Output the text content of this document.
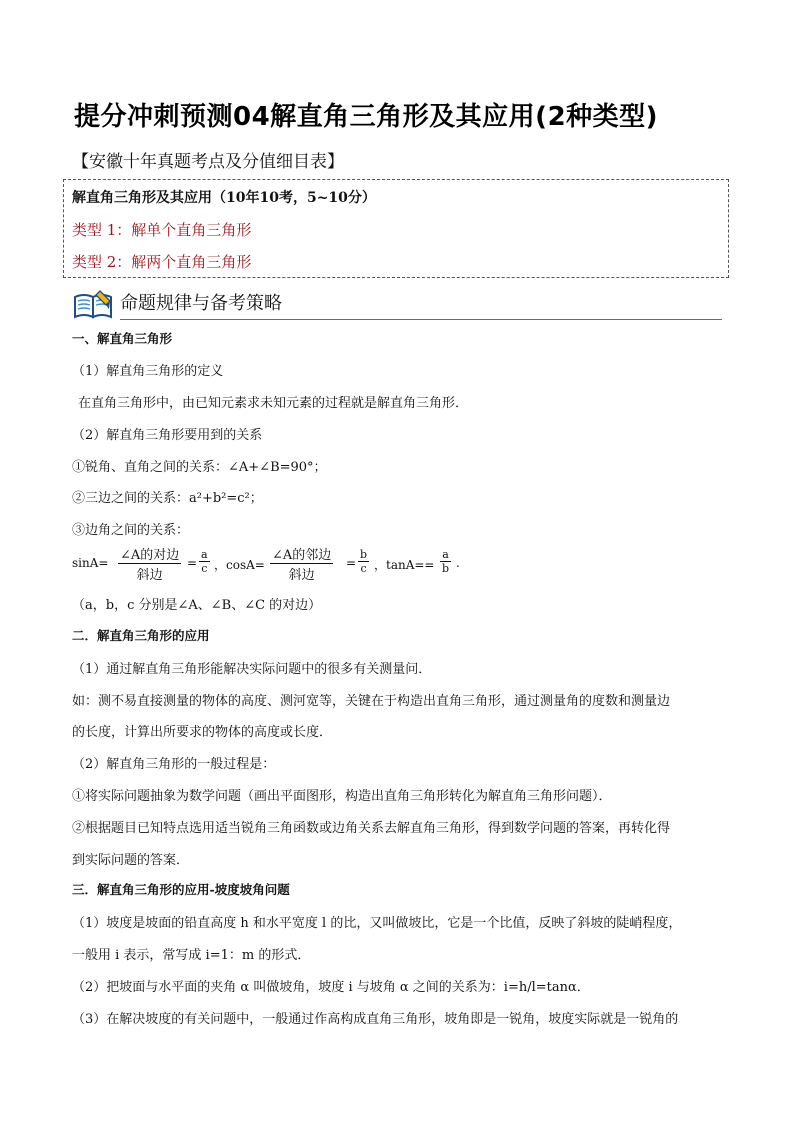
提分冲刺预测04解直角三角形及其应用(2种类型)
【安徽十年真题考点及分值细目表】
解直角三角形及其应用（10年10考，5~10分）
类型 1：解单个直角三角形
类型 2：解两个直角三角形
命题规律与备考策略
一、解直角三角形
（1）解直角三角形的定义
在直角三角形中，由已知元素求未知元素的过程就是解直角三角形．
（2）解直角三角形要用到的关系
①锐角、直角之间的关系：∠A+∠B=90°；
②三边之间的关系：a²+b²=c²；
③边角之间的关系：
sinA= ∠A的对边
斜边
= $\frac{a}{c}$ ，cosA=
∠A的邻边
斜边
= $\frac{b}{c}$ ，$\tan A== \frac{a}{b}$ .
（a，b，c 分别是∠A、∠B、∠C 的对边）
二．解直角三角形的应用
（1）通过解直角三角形能解决实际问题中的很多有关测量问．
如：测不易直接测量的物体的高度、测河宽等，关键在于构造出直角三角形，通过测量角的度数和测量边
的长度，计算出所要求的物体的高度或长度．
（2）解直角三角形的一般过程是：
①将实际问题抽象为数学问题（画出平面图形，构造出直角三角形转化为解直角三角形问题）．
②根据题目已知特点选用适当锐角三角函数或边角关系去解直角三角形，得到数学问题的答案，再转化得
到实际问题的答案．
三．解直角三角形的应用-坡度坡角问题
（1）坡度是坡面的铅直高度 h 和水平宽度 l 的比，又叫做坡比，它是一个比值，反映了斜坡的陡峭程度，
一般用 i 表示，常写成 i=1：m 的形式．
（2）把坡面与水平面的夹角 α 叫做坡角，坡度 i 与坡角 α 之间的关系为：i=h/l=tanα．
（3）在解决坡度的有关问题中，一般通过作高构成直角三角形，坡角即是一锐角，坡度实际就是一锐角的
